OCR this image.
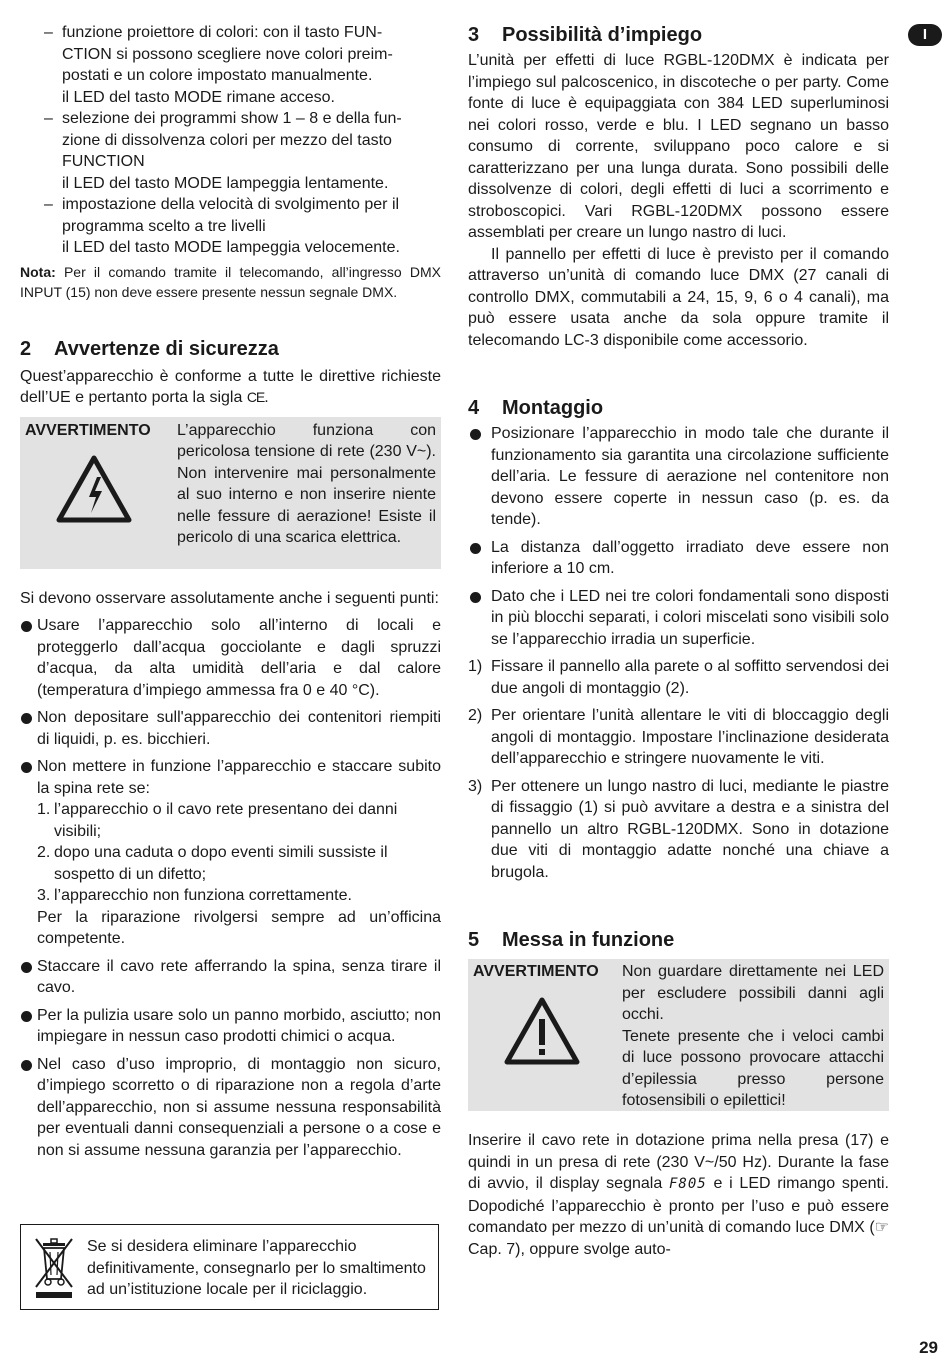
I
– funzione proiettore di colori: con il tasto FUN-
CTION si possono scegliere nove colori preim-
postati e un colore impostato manualmente.
il LED del tasto MODE rimane acceso.

– selezione dei programmi show 1 – 8 e della fun-
zione di dissolvenza colori per mezzo del tasto
FUNCTION
il LED del tasto MODE lampeggia lentamente.

– impostazione della velocità di svolgimento per il
programma scelto a tre livelli
il LED del tasto MODE lampeggia velocemente.

Nota: Per il comando tramite il telecomando, all’ingresso DMX INPUT (15) non deve essere presente nessun segnale DMX.

2 Avvertenze di sicurezza

Quest’apparecchio è conforme a tutte le direttive richieste dell’UE e pertanto porta la sigla CE.

AVVERTIMENTO L’apparecchio funziona con pericolosa tensione di rete (230 V~). Non intervenire mai personalmente al suo interno e non inserire niente nelle fessure di aerazione! Esiste il pericolo di una scarica elettrica.

Si devono osservare assolutamente anche i seguenti punti:

Usare l’apparecchio solo all’interno di locali e proteggerlo dall’acqua gocciolante e dagli spruzzi d’acqua, da alta umidità dell’aria e dal calore (temperatura d’impiego ammessa fra 0 e 40 °C).

Non depositare sull'apparecchio dei contenitori riempiti di liquidi, p. es. bicchieri.

Non mettere in funzione l’apparecchio e staccare subito la spina rete se:

1. l’apparecchio o il cavo rete presentano dei danni visibili;

2. dopo una caduta o dopo eventi simili sussiste il sospetto di un difetto;

3. l’apparecchio non funziona correttamente.

Per la riparazione rivolgersi sempre ad un’officina competente.

Staccare il cavo rete afferrando la spina, senza tirare il cavo.

Per la pulizia usare solo un panno morbido, asciutto; non impiegare in nessun caso prodotti chimici o acqua.

Nel caso d’uso improprio, di montaggio non sicuro, d’impiego scorretto o di riparazione non a regola d’arte dell’apparecchio, non si assume nessuna responsabilità per eventuali danni consequenziali a persone o a cose e non si assume nessuna garanzia per l’apparecchio.

Se si desidera eliminare l’apparecchio definitivamente, consegnarlo per lo smaltimento ad un’istituzione locale per il riciclaggio.

3 Possibilità d’impiego

L’unità per effetti di luce RGBL-120DMX è indicata per l’impiego sul palcoscenico, in discoteche o per party. Come fonte di luce è equipaggiata con 384 LED superluminosi nei colori rosso, verde e blu. I LED segnano un basso consumo di corrente, sviluppano poco calore e si caratterizzano per una lunga durata. Sono possibili delle dissolvenze di colori, degli effetti di luci a scorrimento e stroboscopici. Vari RGBL-120DMX possono essere assemblati per creare un lungo nastro di luci.

Il pannello per effetti di luce è previsto per il comando attraverso un’unità di comando luce DMX (27 canali di controllo DMX, commutabili a 24, 15, 9, 6 o 4 canali), ma può essere usata anche da sola oppure tramite il telecomando LC-3 disponibile come accessorio.

4 Montaggio

Posizionare l’apparecchio in modo tale che durante il funzionamento sia garantita una circolazione sufficiente dell’aria. Le fessure di aerazione nel contenitore non devono essere coperte in nessun caso (p. es. da tende).

La distanza dall’oggetto irradiato deve essere non inferiore a 10 cm.

Dato che i LED nei tre colori fondamentali sono disposti in più blocchi separati, i colori miscelati sono visibili solo se l’apparecchio irradia un superficie.

1) Fissare il pannello alla parete o al soffitto servendosi dei due angoli di montaggio (2).

2) Per orientare l’unità allentare le viti di bloccaggio degli angoli di montaggio. Impostare l’inclinazione desiderata dell’apparecchio e stringere nuovamente le viti.

3) Per ottenere un lungo nastro di luci, mediante le piastre di fissaggio (1) si può avvitare a destra e a sinistra del pannello un altro RGBL-120DMX. Sono in dotazione due viti di montaggio adatte nonché una chiave a brugola.

5 Messa in funzione
AVVERTIMENTO Non guardare direttamente nei LED per escludere possibili danni agli occhi.
Tenete presente che i veloci cambi di luce possono provocare attacchi d’epilessia presso persone fotosensibili o epilettici!

Inserire il cavo rete in dotazione prima nella presa (17) e quindi in un presa di rete (230 V~/50 Hz). Durante la fase di avvio, il display segnala F805 e i LED rimango spenti. Dopodiché l’apparecchio è pronto per l’uso e può essere comandato per mezzo di un’unità di comando luce DMX (☞ Cap. 7), oppure svolge auto-

29
